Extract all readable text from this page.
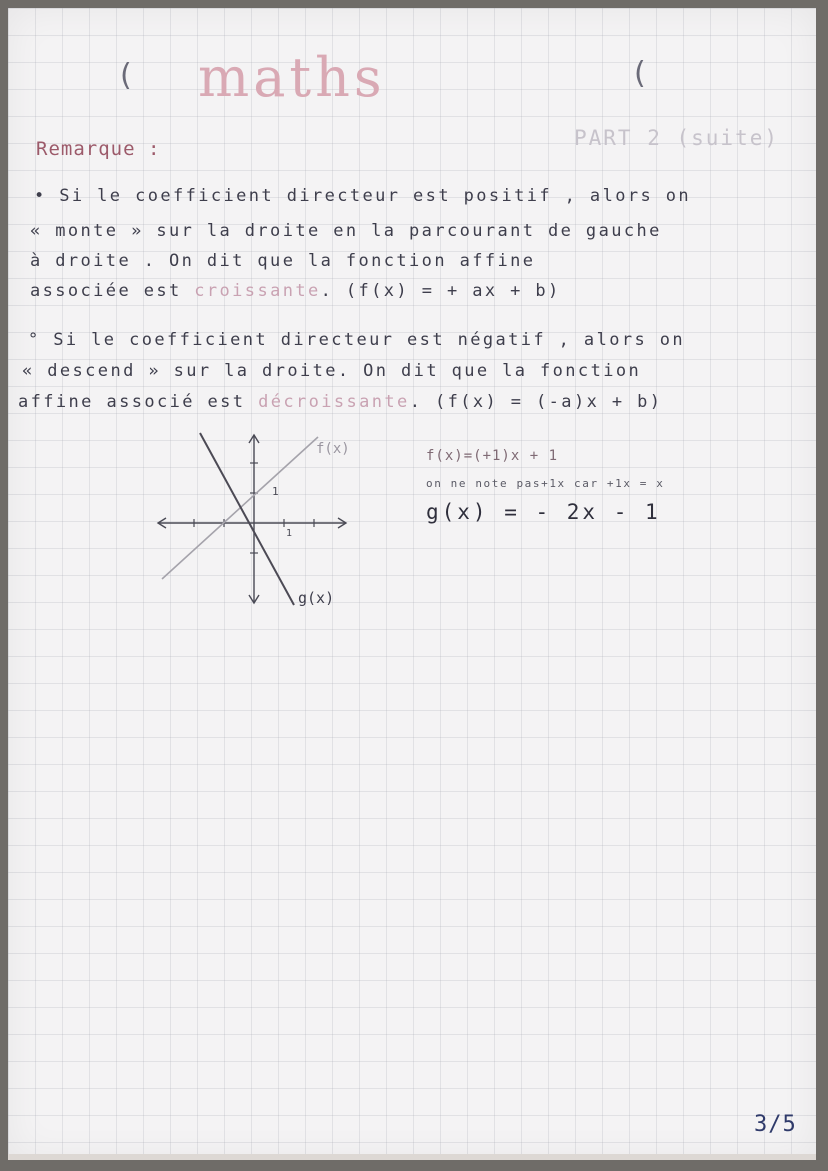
( maths	(
Remarque :	PART 2 (suite)
• Si le coefficient directeur est positif , alors on
« monte » sur la droite en la parcourant de gauche
à droite . On dit que la fonction affine
associée est croissante. (f(x) = + ax + b)
° Si le coefficient directeur est négatif , alors on
« descend » sur la droite. On dit que la fonction
affine associé est décroissante. (f(x) = (-a)x + b)
1
1
f(x)
g(x)
f(x)=(+1)x + 1
on ne note pas+1x car +1x = x
g(x) = - 2x - 1
3/5
